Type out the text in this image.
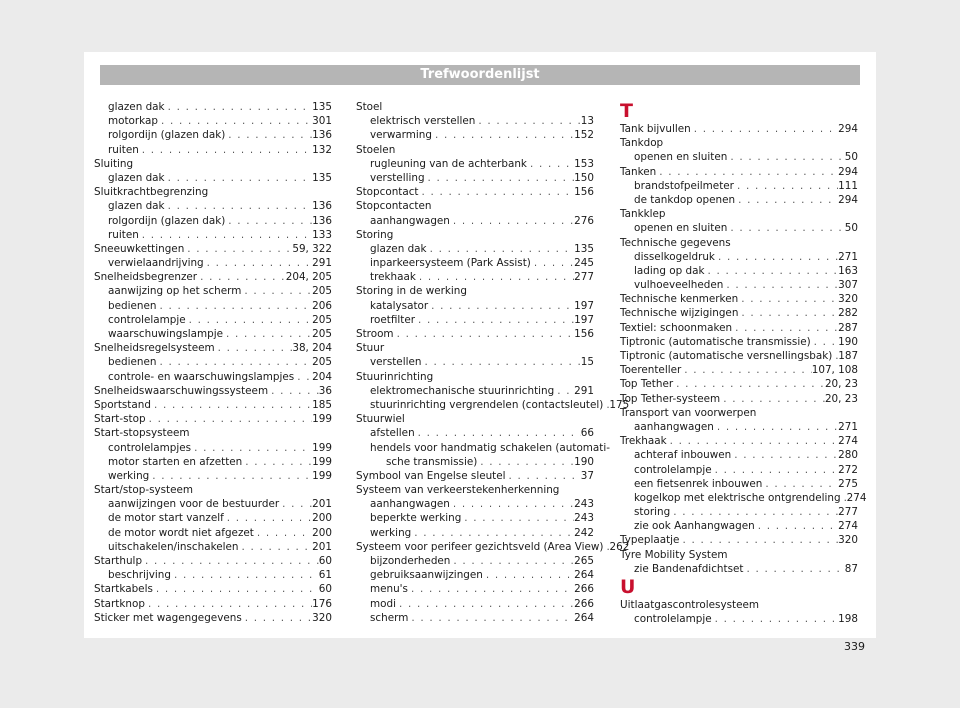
Trefwoordenlijst
glazen dak . . .	135
motorkap . . .	301
rolgordijn (glazen dak) . . .	136
ruiten . . .	132
Sluiting
glazen dak . . .	135
Sluitkrachtbegrenzing
glazen dak . . .	136
rolgordijn (glazen dak) . . .	136
ruiten . . .	133
Sneeuwkettingen . . .	59, 322
verwielaandrijving . . .	291
Snelheidsbegrenzer . . .	204, 205
aanwijzing op het scherm . . .	205
bedienen . . .	206
controlelampje . . .	205
waarschuwingslampje . . .	205
Snelheidsregelsysteem . . .	38, 204
bedienen . . .	205
controle- en waarschuwingslampjes . . . 204
Snelheidswaarschuwingssysteem . . .	36
Sportstand . . .	185
Start-stop . . .	199
Start-stopsysteem
controlelampjes . . .	199
motor starten en afzetten . . .	199
werking . . .	199
Start/stop-systeem
aanwijzingen voor de bestuurder . . .	201
de motor start vanzelf . . .	200
de motor wordt niet afgezet . . .	200
uitschakelen/inschakelen . . .	201
Starthulp . . .	60
beschrijving . . .	61
Startkabels . . .	60
Startknop . . .	176
Sticker met wagengegevens . . .	320
Stoel
elektrisch verstellen . . .	13
verwarming . . .	152
Stoelen
rugleuning van de achterbank . . .	153
verstelling . . .	150
Stopcontact . . .	156
Stopcontacten
aanhangwagen . . .	276
Storing
glazen dak . . .	135
inparkeersysteem (Park Assist) . . .	245
trekhaak . . .	277
Storing in de werking
katalysator . . .	197
roetfilter . . .	197
Stroom . . .	156
Stuur
verstellen . . .	15
Stuurinrichting
elektromechanische stuurinrichting . . . 291
stuurinrichting vergrendelen (contactsleutel) . . . 175
Stuurwiel
afstellen . . .	66
hendels voor handmatig schakelen (automati-
sche transmissie) . . .	190
Symbool van Engelse sleutel . . .	37
Systeem van verkeerstekenherkenning
aanhangwagen . . .	243
beperkte werking . . .	243
werking . . .	242
Systeem voor perifeer gezichtsveld (Area View) . . . 262
bijzonderheden . . .	265
gebruiksaanwijzingen . . .	264
menu's . . .	266
modi . . .	266
scherm . . .	264
T
Tank bijvullen . . .	294
Tankdop
openen en sluiten . . .	50
Tanken . . .	294
brandstofpeilmeter . . .	111
de tankdop openen . . .	294
Tankklep
openen en sluiten . . .	50
Technische gegevens
disselkogeldruk . . .	271
lading op dak . . .	163
vulhoeveelheden . . .	307
Technische kenmerken . . .	320
Technische wijzigingen . . .	282
Textiel: schoonmaken . . .	287
Tiptronic (automatische transmissie) . . .	190
Tiptronic (automatische versnellingsbak) . . . 187
Toerenteller . . .	107, 108
Top Tether . . .	20, 23
Top Tether-systeem . . .	20, 23
Transport van voorwerpen
aanhangwagen . . .	271
Trekhaak . . .	274
achteraf inbouwen . . .	280
controlelampje . . .	272
een fietsenrek inbouwen . . .	275
kogelkop met elektrische ontgrendeling . . . 274
storing . . .	277
zie ook Aanhangwagen . . .	274
Typeplaatje . . .	320
Tyre Mobility System
zie Bandenafdichtset . . .	87
U
Uitlaatgascontrolesysteem
controlelampje . . .	198
339
